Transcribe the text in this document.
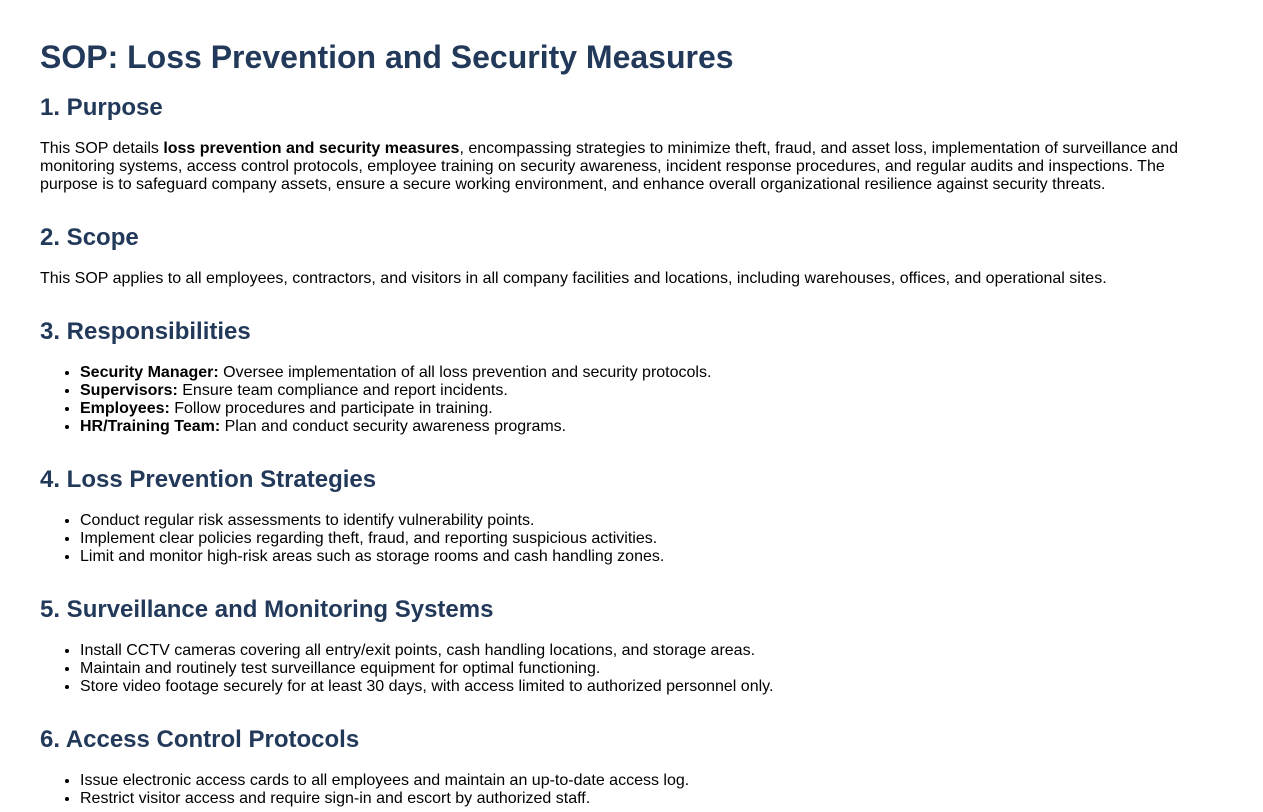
SOP: Loss Prevention and Security Measures
1. Purpose

This SOP details loss prevention and security measures, encompassing strategies to minimize theft, fraud, and asset loss, implementation of surveillance and monitoring systems, access control protocols, employee training on security awareness, incident response procedures, and regular audits and inspections. The purpose is to safeguard company assets, ensure a secure working environment, and enhance overall organizational resilience against security threats.

2. Scope

This SOP applies to all employees, contractors, and visitors in all company facilities and locations, including warehouses, offices, and operational sites.

3. Responsibilities
• Security Manager: Oversee implementation of all loss prevention and security protocols.
• Supervisors: Ensure team compliance and report incidents.
• Employees: Follow procedures and participate in training.
• HR/Training Team: Plan and conduct security awareness programs.
4. Loss Prevention Strategies
• Conduct regular risk assessments to identify vulnerability points.
• Implement clear policies regarding theft, fraud, and reporting suspicious activities.
• Limit and monitor high-risk areas such as storage rooms and cash handling zones.
5. Surveillance and Monitoring Systems
• Install CCTV cameras covering all entry/exit points, cash handling locations, and storage areas.
• Maintain and routinely test surveillance equipment for optimal functioning.
• Store video footage securely for at least 30 days, with access limited to authorized personnel only.
6. Access Control Protocols
• Issue electronic access cards to all employees and maintain an up-to-date access log.
• Restrict visitor access and require sign-in and escort by authorized staff.
